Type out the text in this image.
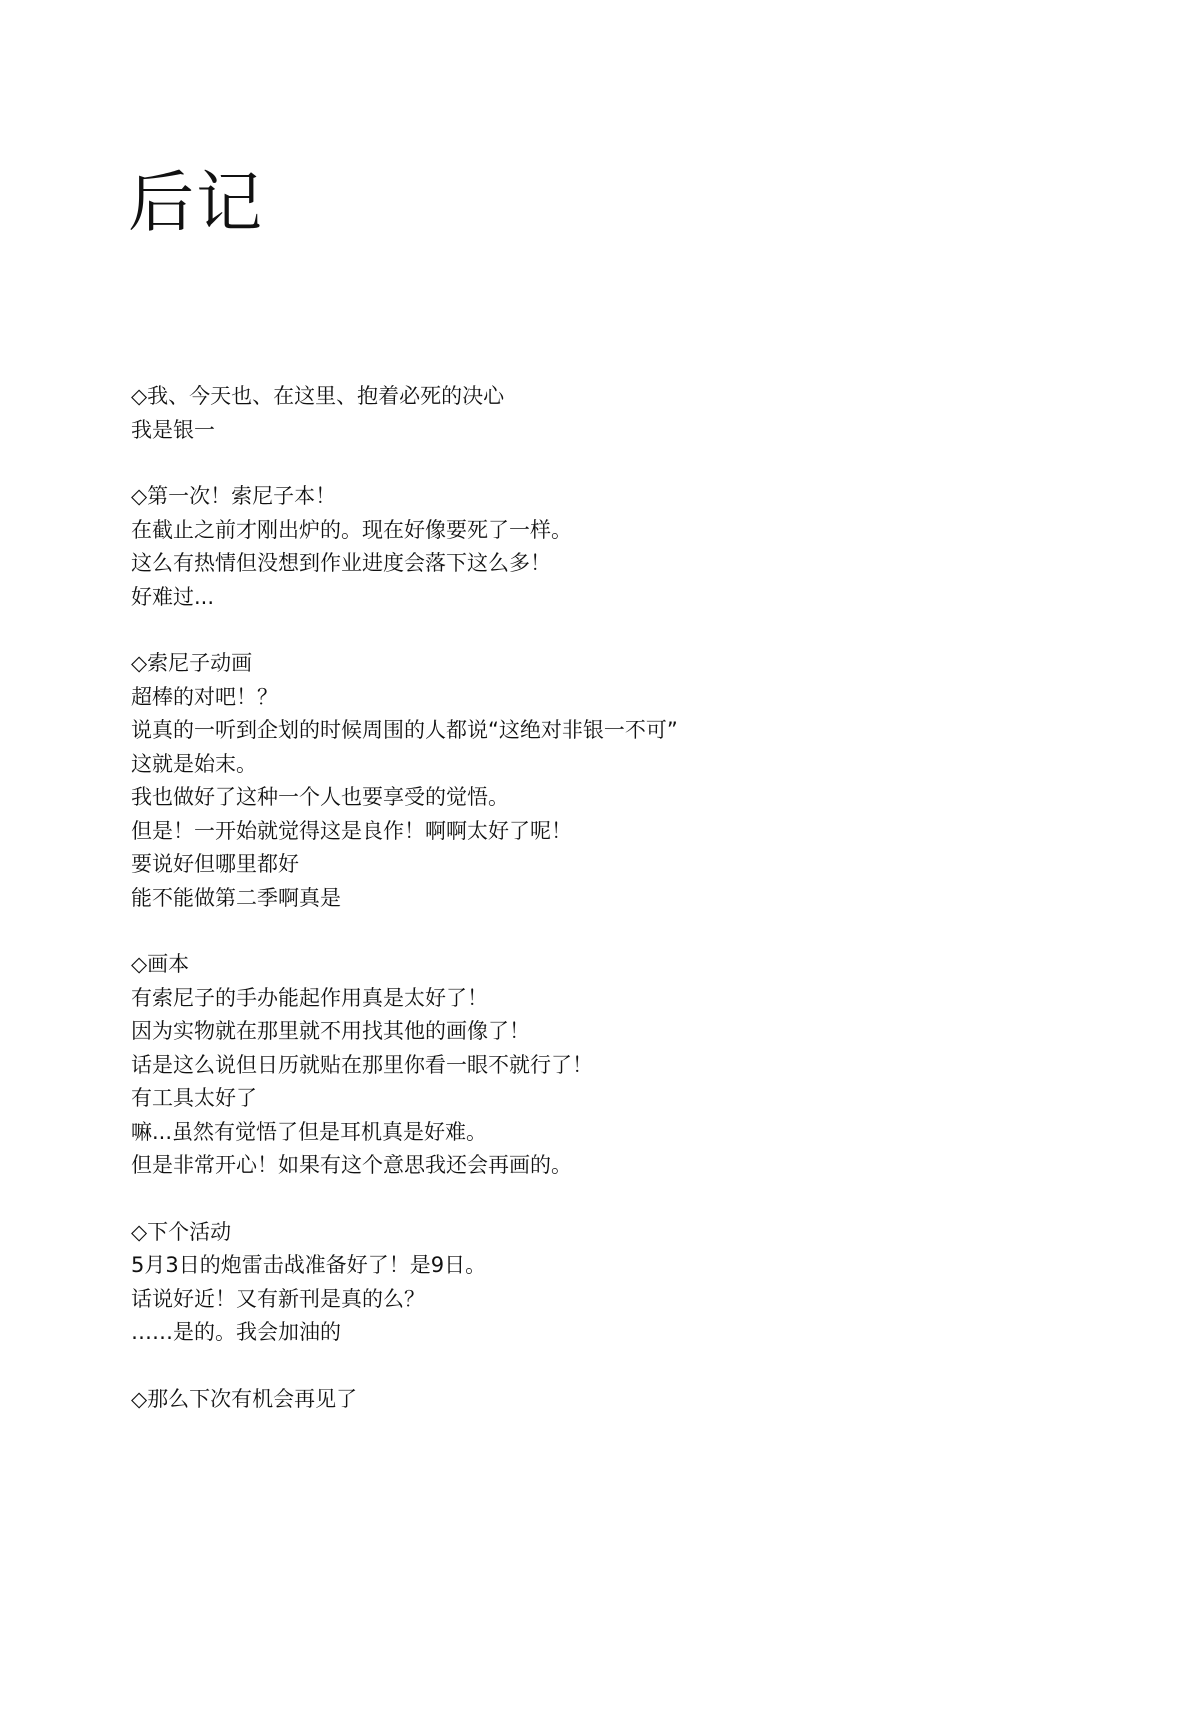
后记

◇我、今天也、在这里、抱着必死的决心

我是银一

◇第一次！索尼子本！

在截止之前才刚出炉的。现在好像要死了一样。

这么有热情但没想到作业进度会落下这么多！

好难过...

◇索尼子动画

超棒的对吧！？

说真的一听到企划的时候周围的人都说“这绝对非银一不可”

这就是始末。

我也做好了这种一个人也要享受的觉悟。

但是！一开始就觉得这是良作！啊啊太好了呢！

要说好但哪里都好

能不能做第二季啊真是

◇画本

有索尼子的手办能起作用真是太好了！

因为实物就在那里就不用找其他的画像了！

话是这么说但日历就贴在那里你看一眼不就行了！

有工具太好了

嘛...虽然有觉悟了但是耳机真是好难。

但是非常开心！如果有这个意思我还会再画的。

◇下个活动

5月3日的炮雷击战准备好了！是9日。

话说好近！又有新刊是真的么？

……是的。我会加油的

◇那么下次有机会再见了
